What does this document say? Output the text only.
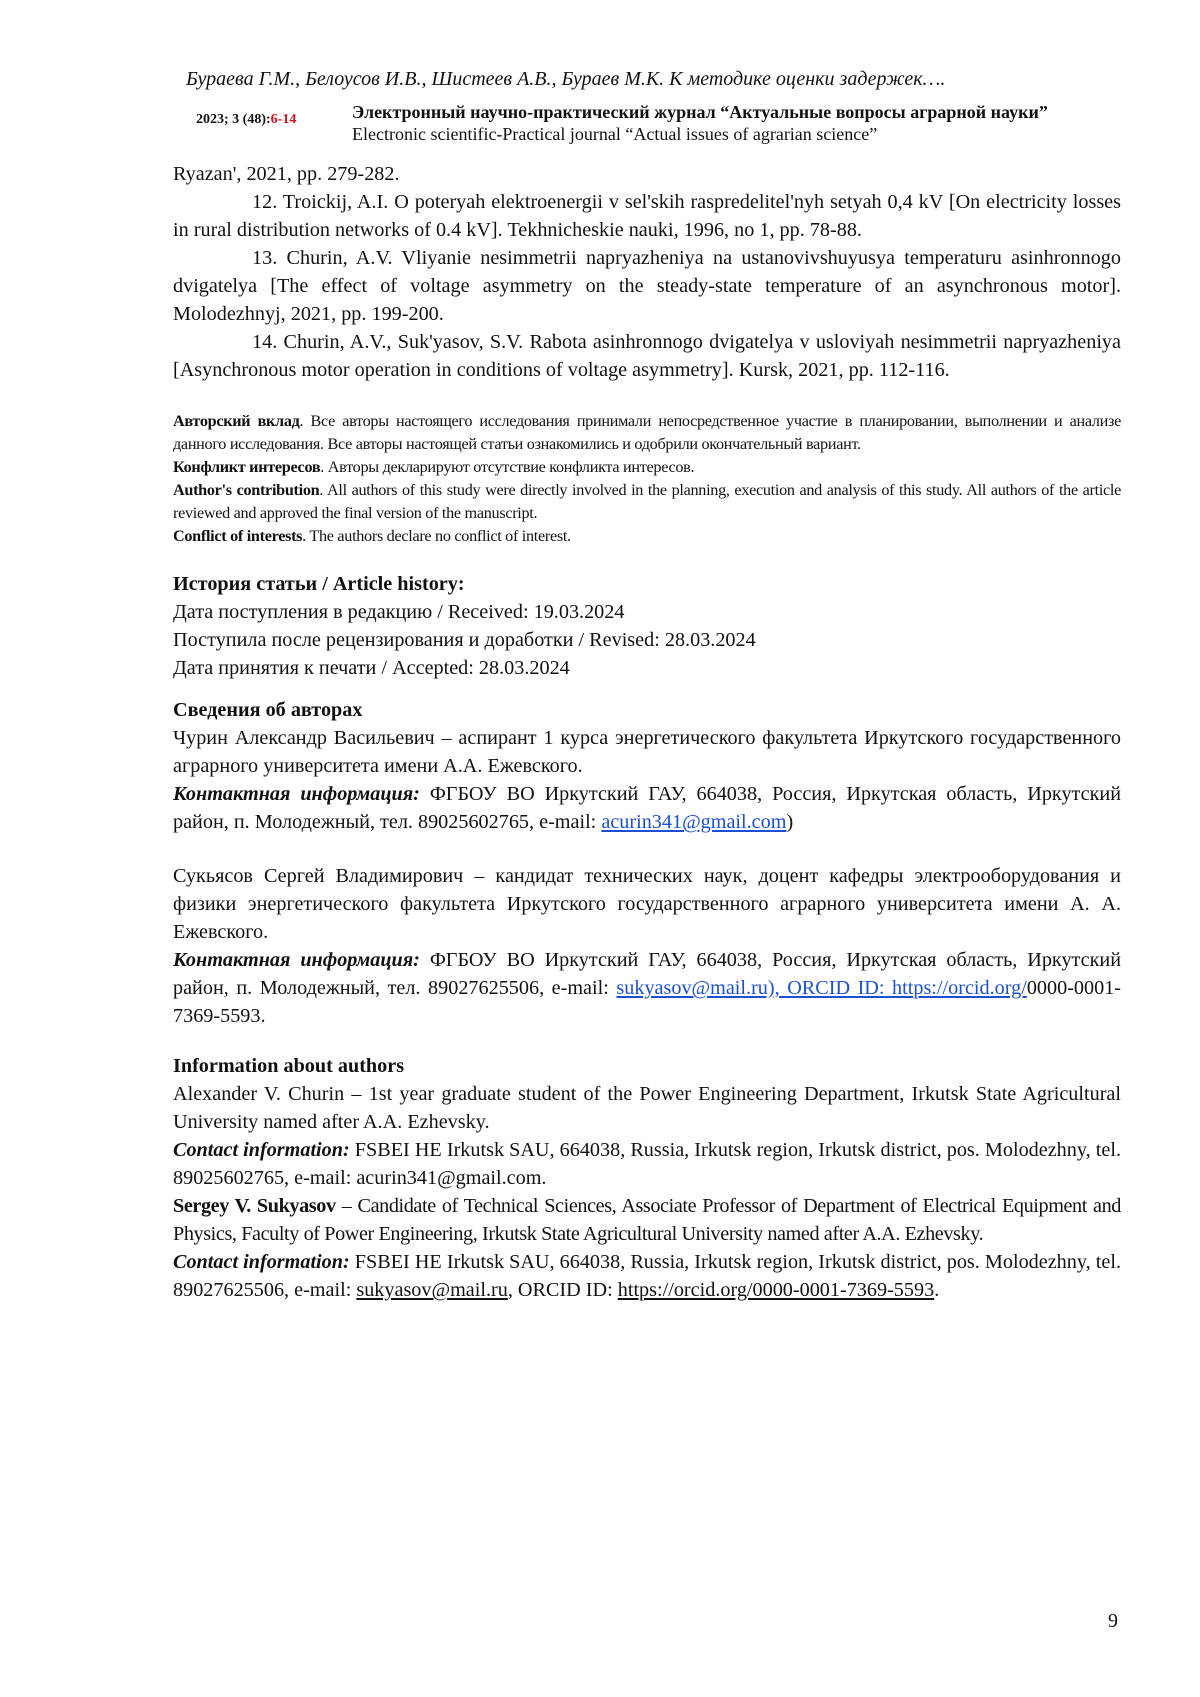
Бураева Г.М., Белоусов И.В., Шистеев А.В., Бураев М.К. К методике оценки задержек….
2023; 3 (48):6-14	Электронный научно-практический журнал “Актуальные вопросы аграрной науки”
Electronic scientific-Practical journal “Actual issues of agrarian science”

Ryazan', 2021, pp. 279-282.

12. Troickij, A.I. O poteryah elektroenergii v sel'skih raspredelitel'nyh setyah 0,4 kV [On electricity losses in rural distribution networks of 0.4 kV]. Tekhnicheskie nauki, 1996, no 1, pp. 78-88.

13. Churin, A.V. Vliyanie nesimmetrii napryazheniya na ustanovivshuyusya temperaturu asinhronnogo dvigatelya [The effect of voltage asymmetry on the steady-state temperature of an asynchronous motor]. Molodezhnyj, 2021, pp. 199-200.

14. Churin, A.V., Suk'yasov, S.V. Rabota asinhronnogo dvigatelya v usloviyah nesimmetrii napryazheniya [Asynchronous motor operation in conditions of voltage asymmetry]. Kursk, 2021, pp. 112-116.

Авторский вклад. Все авторы настоящего исследования принимали непосредственное участие в планировании, выполнении и анализе данного исследования. Все авторы настоящей статьи ознакомились и одобрили окончательный вариант.

Конфликт интересов. Авторы декларируют отсутствие конфликта интересов.

Author's contribution. All authors of this study were directly involved in the planning, execution and analysis of this study. All authors of the article reviewed and approved the final version of the manuscript.

Conflict of interests. The authors declare no conflict of interest.

История статьи / Article history:

Дата поступления в редакцию / Received: 19.03.2024

Поступила после рецензирования и доработки / Revised: 28.03.2024

Дата принятия к печати / Accepted: 28.03.2024

Сведения об авторах

Чурин Александр Васильевич – аспирант 1 курса энергетического факультета Иркутского государственного аграрного университета имени А.А. Ежевского.

Контактная информация: ФГБОУ ВО Иркутский ГАУ, 664038, Россия, Иркутская область, Иркутский район, п. Молодежный, тел. 89025602765, e-mail: acurin341@gmail.com)

Сукьясов Сергей Владимирович – кандидат технических наук, доцент кафедры электрооборудования и физики энергетического факультета Иркутского государственного аграрного университета имени А. А. Ежевского.

Контактная информация: ФГБОУ ВО Иркутский ГАУ, 664038, Россия, Иркутская область, Иркутский район, п. Молодежный, тел. 89027625506, e-mail: sukyasov@mail.ru), ORCID ID: https://orcid.org/0000-0001-7369-5593.

Information about authors

Alexander V. Churin – 1st year graduate student of the Power Engineering Department, Irkutsk State Agricultural University named after A.A. Ezhevsky.

Contact information: FSBEI HE Irkutsk SAU, 664038, Russia, Irkutsk region, Irkutsk district, pos. Molodezhny, tel. 89025602765, e-mail: acurin341@gmail.com.

Sergey V. Sukyasov – Candidate of Technical Sciences, Associate Professor of Department of Electrical Equipment and Physics, Faculty of Power Engineering, Irkutsk State Agricultural University named after A.A. Ezhevsky.

Contact information: FSBEI HE Irkutsk SAU, 664038, Russia, Irkutsk region, Irkutsk district, pos. Molodezhny, tel. 89027625506, e-mail: sukyasov@mail.ru, ORCID ID: https://orcid.org/0000-0001-7369-5593.

9
